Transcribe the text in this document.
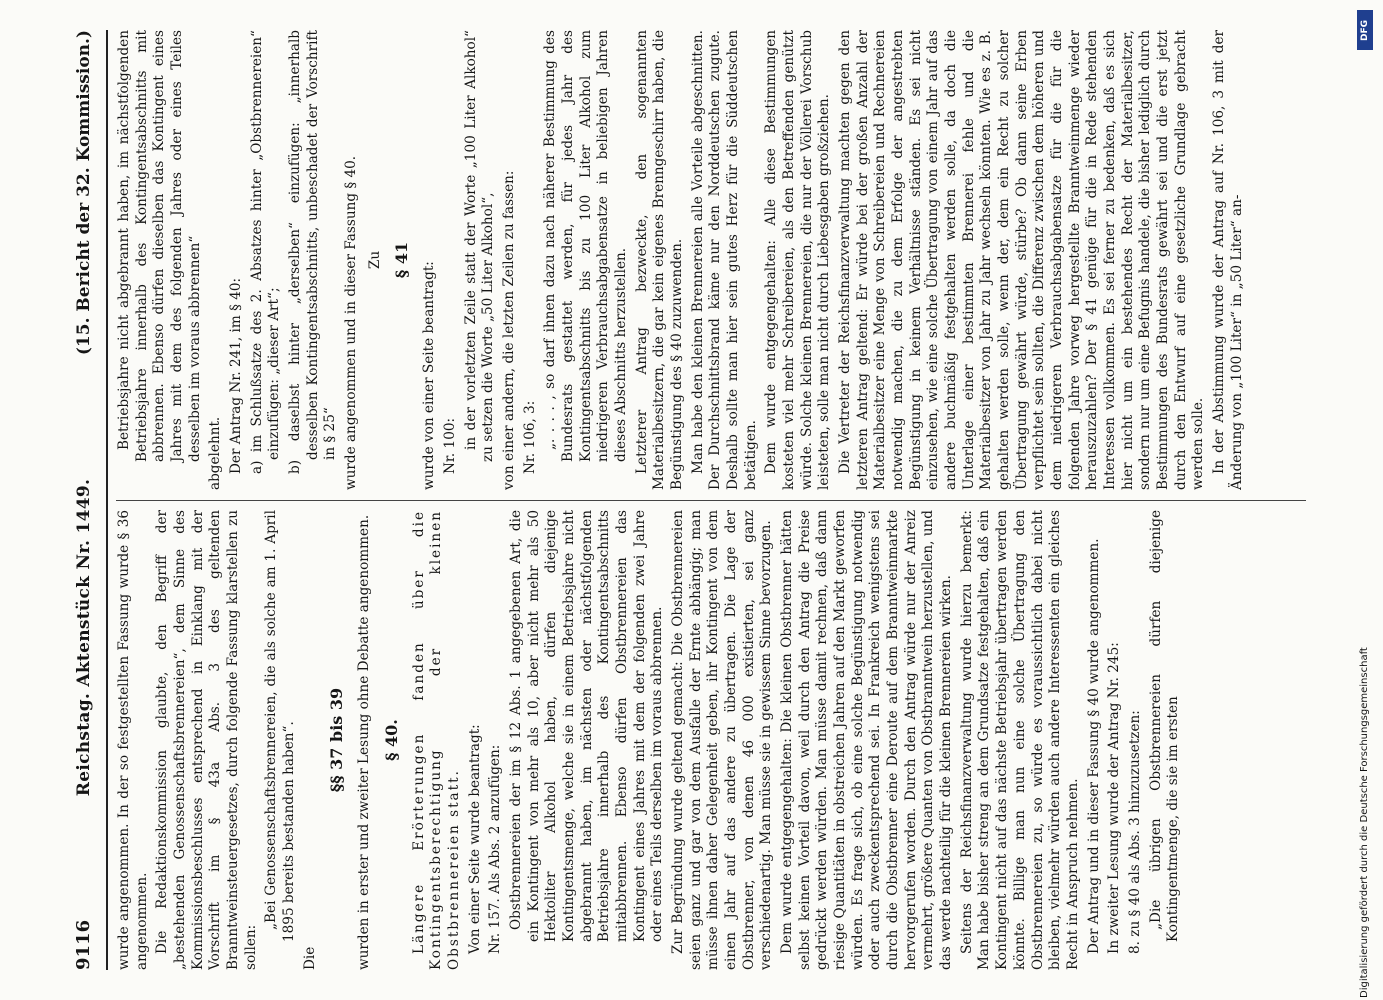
9116
Reichstag. Aktenstück Nr. 1449.
(15. Bericht der 32. Kommission.)

wurde angenommen. In der so festgestellten Fassung wurde § 36 angenommen. Die Redaktionskommission glaubte, den Begriff der „bestehenden Genossenschaftsbrennereien“, dem Sinne des Kommissionsbeschlusses entsprechend in Einklang mit der Vorschrift im § 43a Abs. 3 des geltenden Branntweinsteuergesetzes, durch folgende Fassung klarstellen zu sollen:

„Bei Genossenschaftsbrennereien, die als solche am 1. April 1895 bereits bestanden haben“.

Die

§§ 37 bis 39 wurden in erster und zweiter Lesung ohne Debatte angenommen. § 40. Längere Erörterungen fanden über die Kontingentsberechtigung der kleinen Obstbrennereien statt. Von einer Seite wurde beantragt: Nr. 157. Als Abs. 2 anzufügen: Obstbrennereien der im § 12 Abs. 1 angegebenen Art, die ein Kontingent von mehr als 10, aber nicht mehr als 50 Hektoliter Alkohol haben, dürfen diejenige Kontingentsmenge, welche sie in einem Betriebsjahre nicht abgebrannt haben, im nächsten oder nächstfolgenden Betriebsjahre innerhalb des Kontingentsabschnitts mitabbrennen. Ebenso dürfen Obstbrennereien das Kontingent eines Jahres mit dem der folgenden zwei Jahre oder eines Teils derselben im voraus abbrennen. Zur Begründung wurde geltend gemacht: Die Obstbrennereien seien ganz und gar von dem Ausfalle der Ernte abhängig; man müsse ihnen daher Gelegenheit geben, ihr Kontingent von dem einen Jahr auf das andere zu übertragen. Die Lage der Obstbrenner, von denen 46 000 existierten, sei ganz verschiedenartig. Man müsse sie in gewissem Sinne bevorzugen. Dem wurde entgegengehalten: Die kleinen Obstbrenner hätten selbst keinen Vorteil davon, weil durch den Antrag die Preise gedrückt werden würden. Man müsse damit rechnen, daß dann riesige Quantitäten in obstreichen Jahren auf den Markt geworfen würden. Es frage sich, ob eine solche Begünstigung notwendig oder auch zweckentsprechend sei. In Frankreich wenigstens sei durch die Obstbrenner eine Deroute auf dem Branntweinmarkte hervorgerufen worden. Durch den Antrag würde nur der Anreiz vermehrt, größere Quanten von Obstbranntwein herzustellen, und das werde nachteilig für die kleinen Brennereien wirken. Seitens der Reichsfinanzverwaltung wurde hierzu bemerkt: Man habe bisher streng an dem Grundsatze festgehalten, daß ein Kontingent nicht auf das nächste Betriebsjahr übertragen werden könnte. Billige man nun eine solche Übertragung den Obstbrennereien zu, so würde es voraussichtlich dabei nicht bleiben, vielmehr würden auch andere Interessenten ein gleiches Recht in Anspruch nehmen. Der Antrag und in dieser Fassung § 40 wurde angenommen. In zweiter Lesung wurde der Antrag Nr. 245: 8. zu § 40 als Abs. 3 hinzuzusetzen: „Die übrigen Obstbrennereien dürfen diejenige Kontingentmenge, die sie im ersten

Betriebsjahre nicht abgebrannt haben, im nächstfolgenden Betriebsjahre innerhalb des Kontingentsabschnitts mit abbrennen. Ebenso dürfen dieselben das Kontingent eines Jahres mit dem des folgenden Jahres oder eines Teiles desselben im voraus abbrennen“ abgelehnt. Der Antrag Nr. 241, im § 40: a) im Schlußsatze des 2. Absatzes hinter „Obstbrennereien“ einzufügen: „dieser Art“; b) daselbst hinter „derselben“ einzufügen: „innerhalb desselben Kontingentsabschnitts, unbeschadet der Vorschrift in § 25“ wurde angenommen und in dieser Fassung § 40. Zu § 41

wurde von einer Seite beantragt: Nr. 100: in der vorletzten Zeile statt der Worte „100 Liter Alkohol“ zu setzen die Worte „50 Liter Alkohol“, von einer andern, die letzten Zeilen zu fassen: Nr. 106, 3: „. . . . , so darf ihnen dazu nach näherer Bestimmung des Bundesrats gestattet werden, für jedes Jahr des Kontingentsabschnitts bis zu 100 Liter Alkohol zum niedrigeren Verbrauchsabgabensatze in beliebigen Jahren dieses Abschnitts herzustellen. Letzterer Antrag bezweckte, den sogenannten Materialbesitzern, die gar kein eigenes Brenngeschirr haben, die Begünstigung des § 40 zuzuwenden. Man habe den kleinen Brennereien alle Vorteile abgeschnitten. Der Durchschnittsbrand käme nur den Norddeutschen zugute. Deshalb sollte man hier sein gutes Herz für die Süddeutschen betätigen. Dem wurde entgegengehalten: Alle diese Bestimmungen kosteten viel mehr Schreibereien, als den Betreffenden genützt würde. Solche kleinen Brennereien, die nur der Völlerei Vorschub leisteten, solle man nicht durch Liebesgaben großziehen. Die Vertreter der Reichsfinanzverwaltung machten gegen den letzteren Antrag geltend: Er würde bei der großen Anzahl der Materialbesitzer eine Menge von Schreibereien und Rechnereien notwendig machen, die zu dem Erfolge der angestrebten Begünstigung in keinem Verhältnisse ständen. Es sei nicht einzusehen, wie eine solche Übertragung von einem Jahr auf das andere buchmäßig festgehalten werden solle, da doch die Unterlage einer bestimmten Brennerei fehle und die Materialbesitzer von Jahr zu Jahr wechseln könnten. Wie es z. B. gehalten werden solle, wenn der, dem ein Recht zu solcher Übertragung gewährt würde, stürbe? Ob dann seine Erben verpflichtet sein sollten, die Differenz zwischen dem höheren und dem niedrigeren Verbrauchsabgabensatze für die für die folgenden Jahre vorweg hergestellte Branntweinmenge wieder herauszuzahlen? Der § 41 genüge für die in Rede stehenden Interessen vollkommen. Es sei ferner zu bedenken, daß es sich hier nicht um ein bestehendes Recht der Materialbesitzer, sondern nur um eine Befugnis handele, die bisher lediglich durch Bestimmungen des Bundesrats gewährt sei und die erst jetzt durch den Entwurf auf eine gesetzliche Grundlage gebracht werden solle. In der Abstimmung wurde der Antrag auf Nr. 106, 3 mit der Änderung von „100 Liter“ in „50 Liter“ an-

DFG
Digitalisierung gefördert durch die Deutsche Forschungsgemeinschaft
